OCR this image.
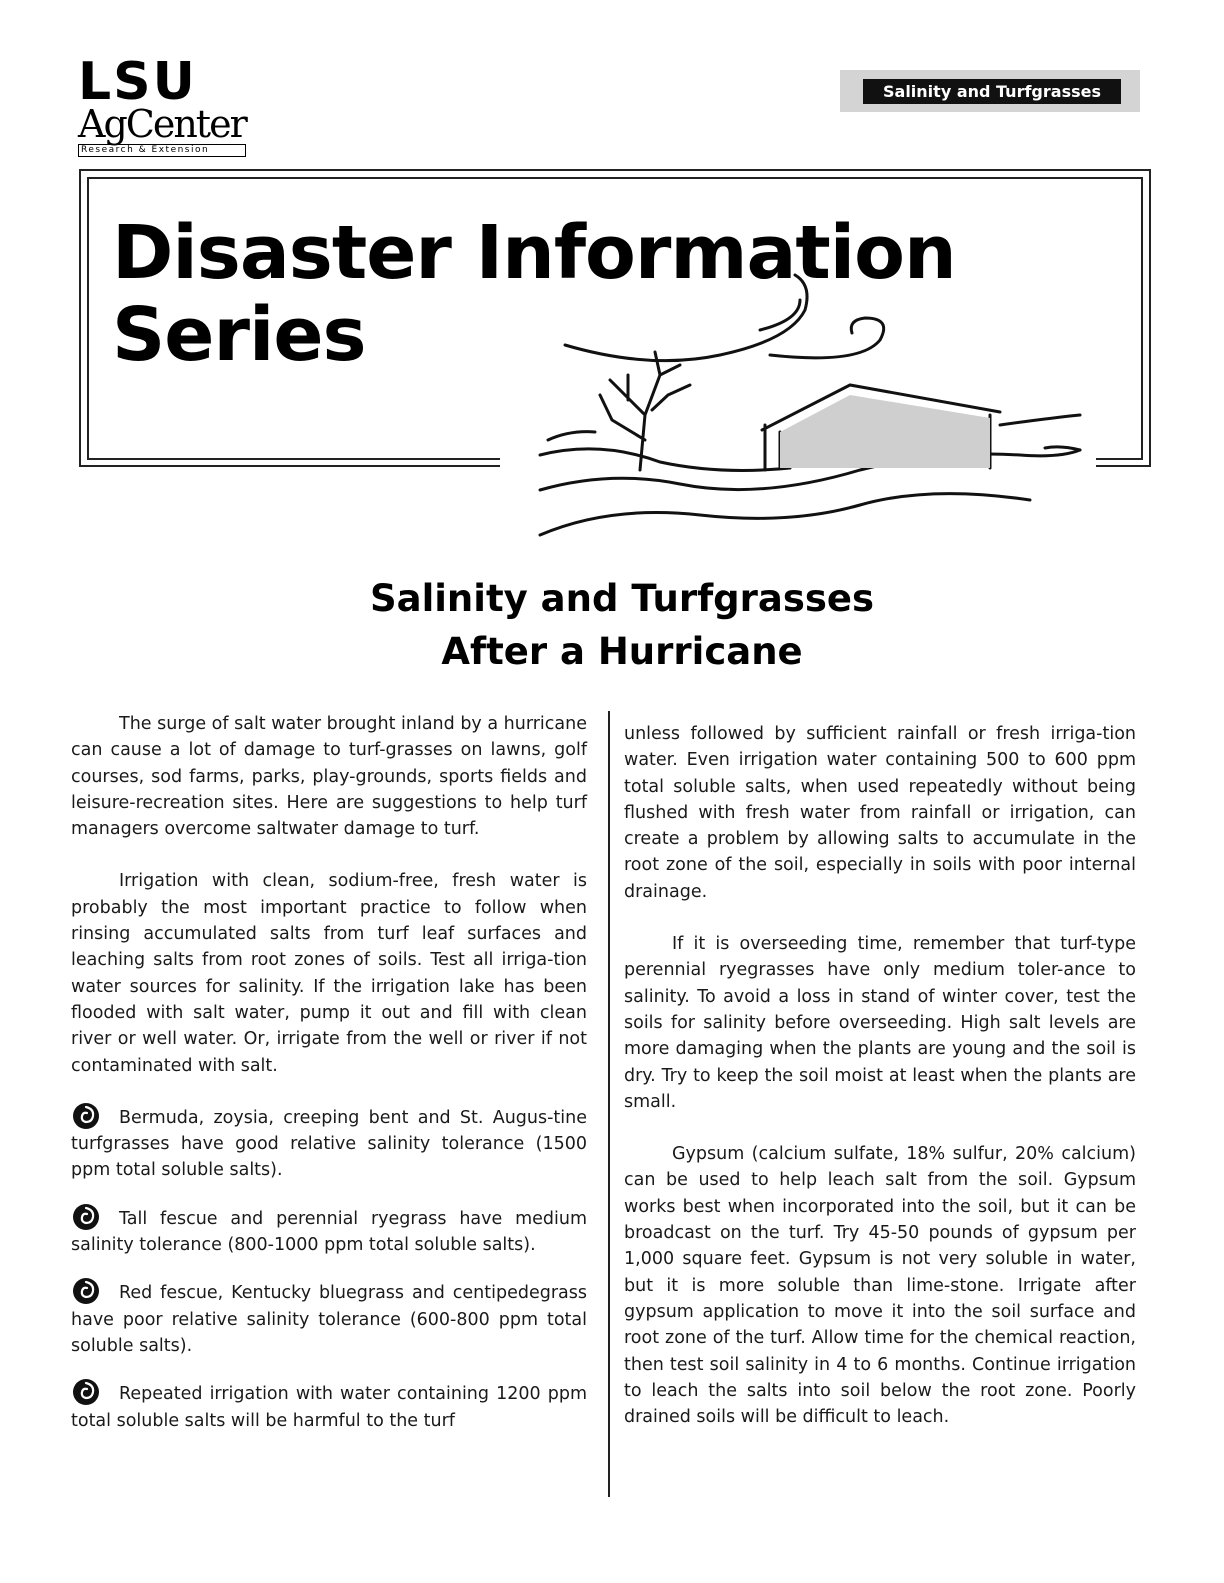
LSU
AgCenter
Research & Extension
Salinity and Turfgrasses
Disaster Information
Series
Salinity and Turfgrasses
After a Hurricane

The surge of salt water brought inland by a hurricane can cause a lot of damage to turf-grasses on lawns, golf courses, sod farms, parks, play-grounds, sports fields and leisure-recreation sites. Here are suggestions to help turf managers overcome saltwater damage to turf.

Irrigation with clean, sodium-free, fresh water is probably the most important practice to follow when rinsing accumulated salts from turf leaf surfaces and leaching salts from root zones of soils. Test all irriga-tion water sources for salinity. If the irrigation lake has been flooded with salt water, pump it out and fill with clean river or well water. Or, irrigate from the well or river if not contaminated with salt.

Bermuda, zoysia, creeping bent and St. Augus-tine turfgrasses have good relative salinity tolerance (1500 ppm total soluble salts).
Tall fescue and perennial ryegrass have medium salinity tolerance (800-1000 ppm total soluble salts).
Red fescue, Kentucky bluegrass and centipedegrass have poor relative salinity tolerance (600-800 ppm total soluble salts).
Repeated irrigation with water containing 1200 ppm total soluble salts will be harmful to the turf

unless followed by sufficient rainfall or fresh irriga-tion water. Even irrigation water containing 500 to 600 ppm total soluble salts, when used repeatedly without being flushed with fresh water from rainfall or irrigation, can create a problem by allowing salts to accumulate in the root zone of the soil, especially in soils with poor internal drainage.

If it is overseeding time, remember that turf-type perennial ryegrasses have only medium toler-ance to salinity. To avoid a loss in stand of winter cover, test the soils for salinity before overseeding. High salt levels are more damaging when the plants are young and the soil is dry. Try to keep the soil moist at least when the plants are small.

Gypsum (calcium sulfate, 18% sulfur, 20% calcium) can be used to help leach salt from the soil. Gypsum works best when incorporated into the soil, but it can be broadcast on the turf. Try 45-50 pounds of gypsum per 1,000 square feet. Gypsum is not very soluble in water, but it is more soluble than lime-stone. Irrigate after gypsum application to move it into the soil surface and root zone of the turf. Allow time for the chemical reaction, then test soil salinity in 4 to 6 months. Continue irrigation to leach the salts into soil below the root zone. Poorly drained soils will be difficult to leach.
